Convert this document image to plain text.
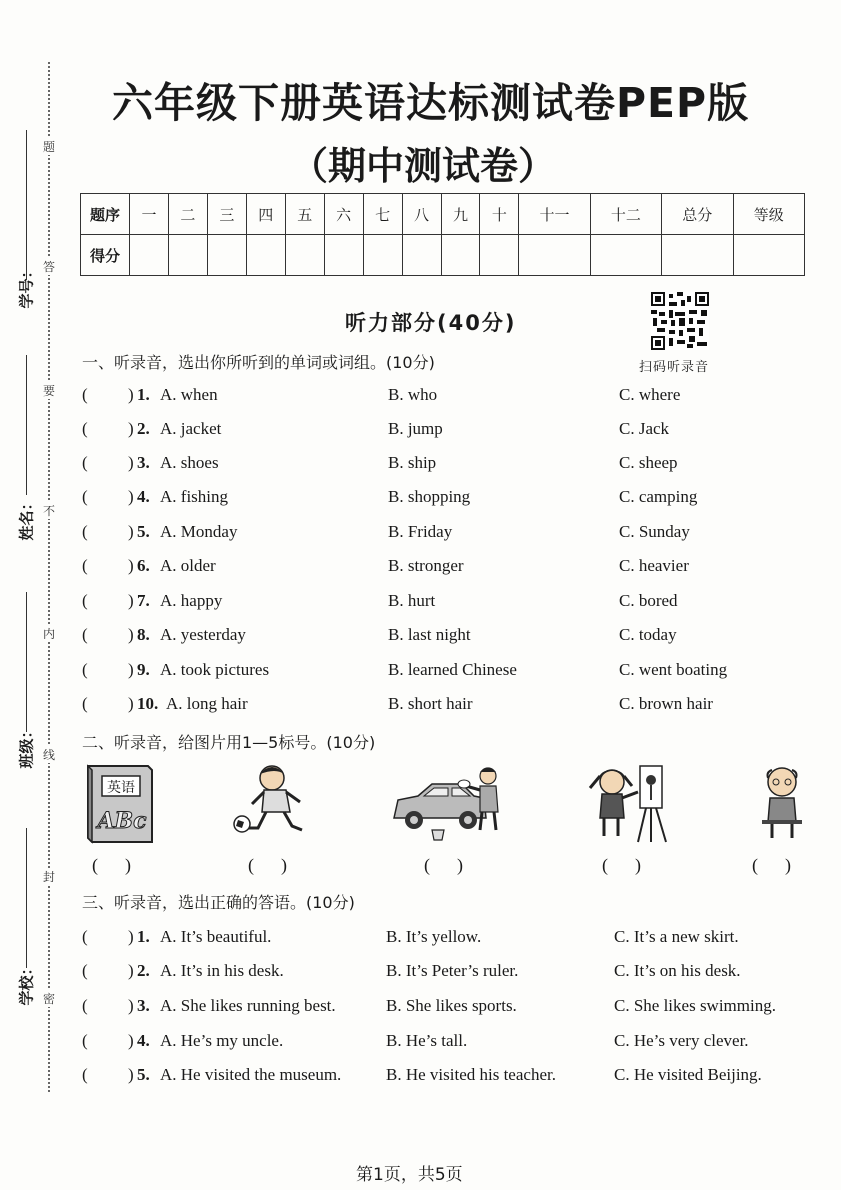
题
答
要
不
内
线
封
密
学号：
姓名：
班级：
学校：
六年级下册英语达标测试卷PEP版
（期中测试卷）
题序	一	二	三	四	五	六	七	八	九	十	十一	十二	总分	等级
得分														
听力部分(40分)
扫码听录音
一、听录音，选出你所听到的单词或词组。(10分)
( ) 1. A. when	B. who	C. where
( ) 2. A. jacket	B. jump	C. Jack
( ) 3. A. shoes	B. ship	C. sheep
( ) 4. A. fishing	B. shopping	C. camping
( ) 5. A. Monday	B. Friday	C. Sunday
( ) 6. A. older	B. stronger	C. heavier
( ) 7. A. happy	B. hurt	C. bored
( ) 8. A. yesterday	B. last night	C. today
( ) 9. A. took pictures	B. learned Chinese	C. went boating
( ) 10. A. long hair	B. short hair	C. brown hair
二、听录音，给图片用1—5标号。(10分)
英语
ABc
(      )	(      )	(      )	(      )	(      )
三、听录音，选出正确的答语。(10分)
( ) 1. A. It’s beautiful.	B. It’s yellow.	C. It’s a new skirt.
( ) 2. A. It’s in his desk.	B. It’s Peter’s ruler.	C. It’s on his desk.
( ) 3. A. She likes running best.	B. She likes sports.	C. She likes swimming.
( ) 4. A. He’s my uncle.	B. He’s tall.	C. He’s very clever.
( ) 5. A. He visited the museum.	B. He visited his teacher.	C. He visited Beijing.
第1页，共5页
